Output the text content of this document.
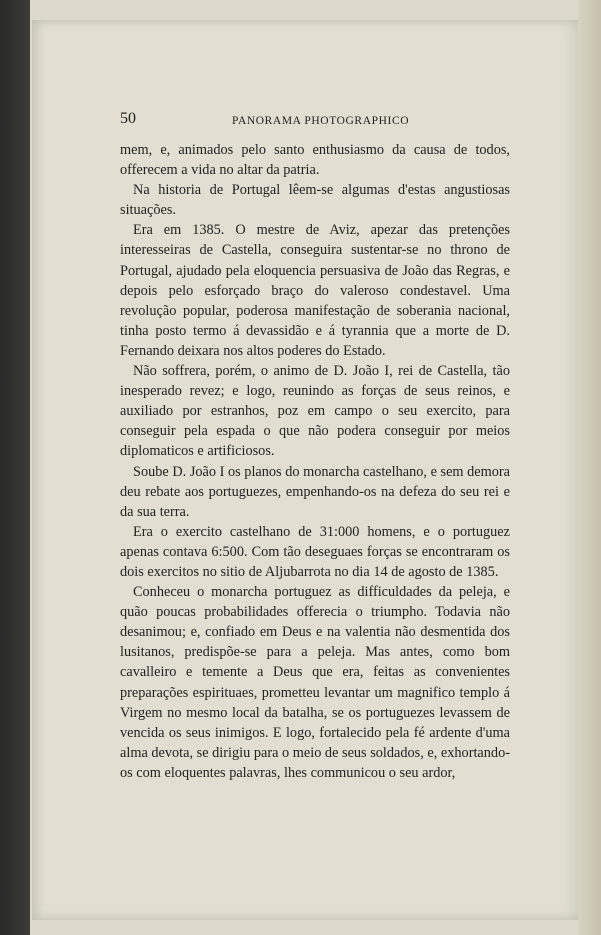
50	PANORAMA PHOTOGRAPHICO

mem, e, animados pelo santo enthusiasmo da causa de todos, offerecem a vida no altar da patria.

Na historia de Portugal lêem-se algumas d'estas angustiosas situações.

Era em 1385. O mestre de Aviz, apezar das pretenções interesseiras de Castella, conseguira sustentar-se no throno de Portugal, ajudado pela eloquencia persuasiva de João das Regras, e depois pelo esforçado braço do valeroso condestavel. Uma revolução popular, poderosa manifestação de soberania nacional, tinha posto termo á devassidão e á tyrannia que a morte de D. Fernando deixara nos altos poderes do Estado.

Não soffrera, porém, o animo de D. João I, rei de Castella, tão inesperado revez; e logo, reunindo as forças de seus reinos, e auxiliado por estranhos, poz em campo o seu exercito, para conseguir pela espada o que não podera conseguir por meios diplomaticos e artificiosos.

Soube D. João I os planos do monarcha castelhano, e sem demora deu rebate aos portuguezes, empenhando-os na defeza do seu rei e da sua terra.

Era o exercito castelhano de 31:000 homens, e o portuguez apenas contava 6:500. Com tão deseguaes forças se encontraram os dois exercitos no sitio de Aljubarrota no dia 14 de agosto de 1385.

Conheceu o monarcha portuguez as difficuldades da peleja, e quão poucas probabilidades offerecia o triumpho. Todavia não desanimou; e, confiado em Deus e na valentia não desmentida dos lusitanos, predispõe-se para a peleja. Mas antes, como bom cavalleiro e temente a Deus que era, feitas as convenientes preparações espirituaes, prometteu levantar um magnifico templo á Virgem no mesmo local da batalha, se os portuguezes levassem de vencida os seus inimigos. E logo, fortalecido pela fé ardente d'uma alma devota, se dirigiu para o meio de seus soldados, e, exhortando-os com eloquentes palavras, lhes communicou o seu ardor,
